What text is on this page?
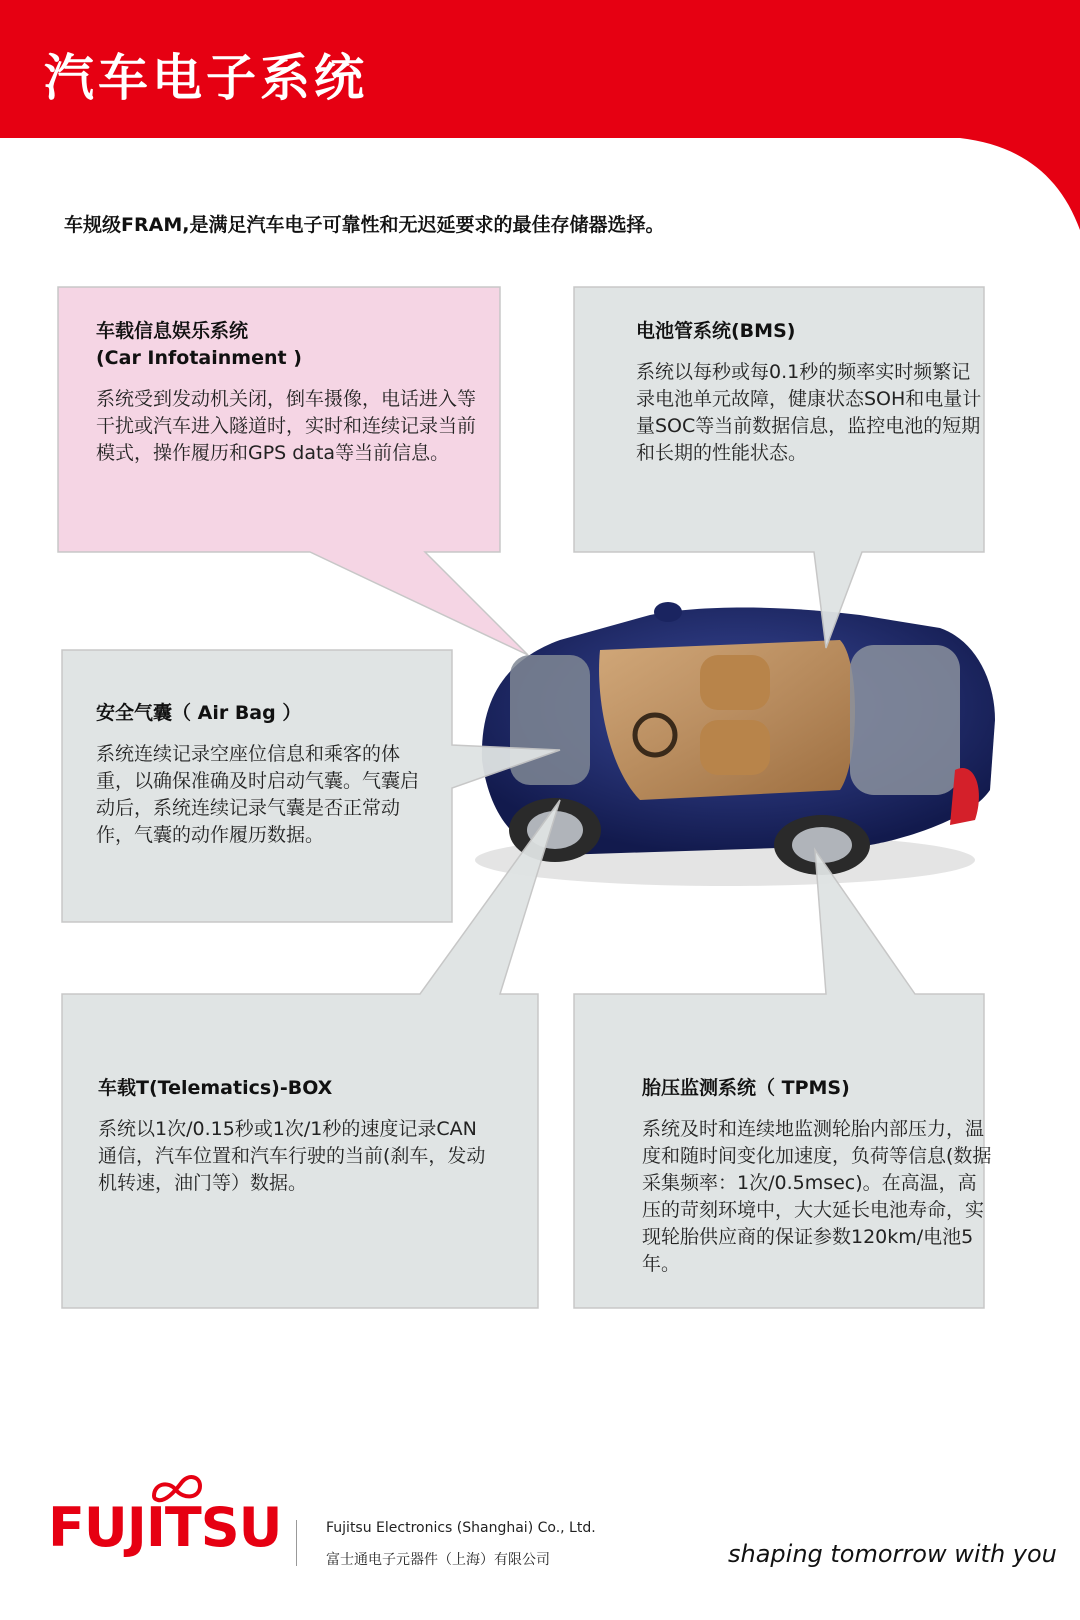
汽车电子系统
车规级FRAM,是满足汽车电子可靠性和无迟延要求的最佳存储器选择。
车载信息娱乐系统
(Car Infotainment )
系统受到发动机关闭，倒车摄像，电话进入等干扰或汽车进入隧道时，实时和连续记录当前模式，操作履历和GPS data等当前信息。
电池管系统(BMS)
系统以每秒或每0.1秒的频率实时频繁记录电池单元故障，健康状态SOH和电量计量SOC等当前数据信息，监控电池的短期和长期的性能状态。
安全气囊（ Air Bag ）
系统连续记录空座位信息和乘客的体重，以确保准确及时启动气囊。气囊启动后，系统连续记录气囊是否正常动作，气囊的动作履历数据。
车载T(Telematics)-BOX
系统以1次/0.15秒或1次/1秒的速度记录CAN通信，汽车位置和汽车行驶的当前(刹车，发动机转速，油门等）数据。
胎压监测系统（ TPMS)
系统及时和连续地监测轮胎内部压力，温度和随时间变化加速度，负荷等信息(数据采集频率：1次/0.5msec)。在高温，高压的苛刻环境中，大大延长电池寿命，实现轮胎供应商的保证参数120km/电池5年。
FUJITSU	Fujitsu Electronics (Shanghai) Co., Ltd.
富士通电子元器件（上海）有限公司	shaping tomorrow with you
